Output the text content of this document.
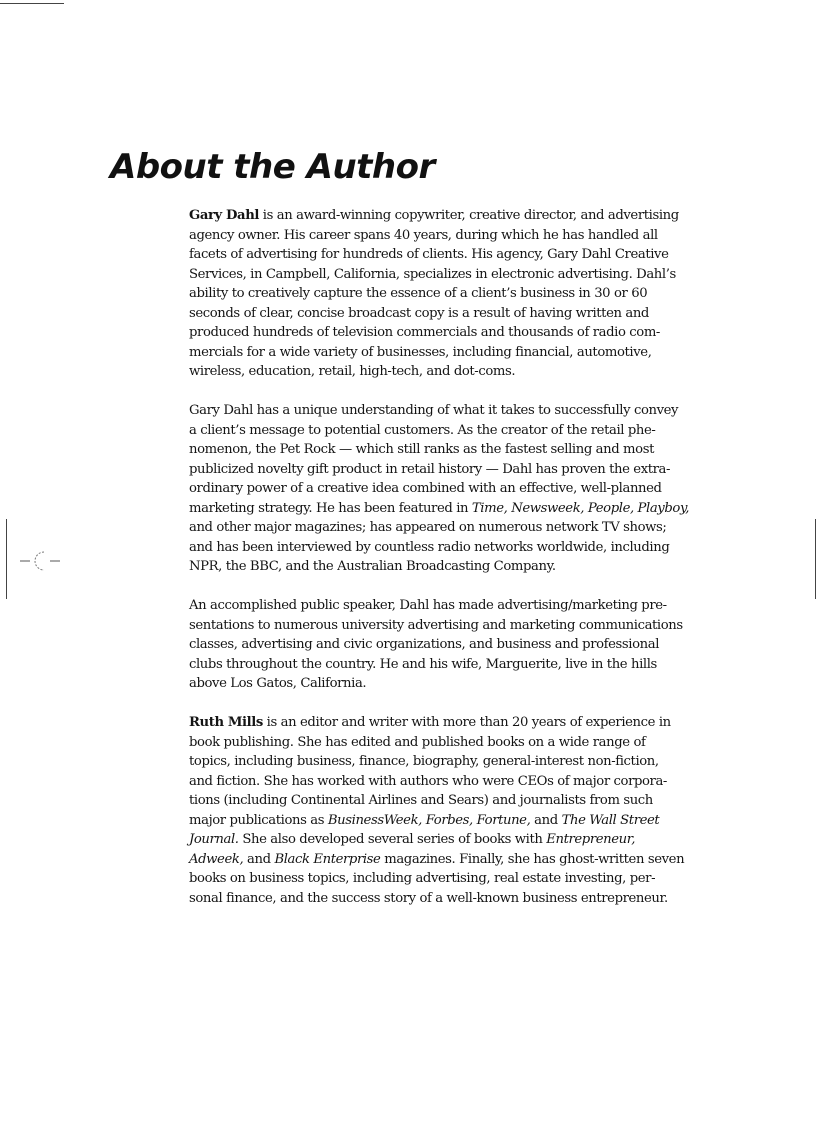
About the Author

Gary Dahl is an award-winning copywriter, creative director, and advertising
agency owner. His career spans 40 years, during which he has handled all
facets of advertising for hundreds of clients. His agency, Gary Dahl Creative
Services, in Campbell, California, specializes in electronic advertising. Dahl’s
ability to creatively capture the essence of a client’s business in 30 or 60
seconds of clear, concise broadcast copy is a result of having written and
produced hundreds of television commercials and thousands of radio com-
mercials for a wide variety of businesses, including financial, automotive,
wireless, education, retail, high-tech, and dot-coms.

Gary Dahl has a unique understanding of what it takes to successfully convey
a client’s message to potential customers. As the creator of the retail phe-
nomenon, the Pet Rock — which still ranks as the fastest selling and most
publicized novelty gift product in retail history — Dahl has proven the extra-
ordinary power of a creative idea combined with an effective, well-planned
marketing strategy. He has been featured in Time, Newsweek, People, Playboy,
and other major magazines; has appeared on numerous network TV shows;
and has been interviewed by countless radio networks worldwide, including
NPR, the BBC, and the Australian Broadcasting Company.

An accomplished public speaker, Dahl has made advertising/marketing pre-
sentations to numerous university advertising and marketing communications
classes, advertising and civic organizations, and business and professional
clubs throughout the country. He and his wife, Marguerite, live in the hills
above Los Gatos, California.

Ruth Mills is an editor and writer with more than 20 years of experience in
book publishing. She has edited and published books on a wide range of
topics, including business, finance, biography, general-interest non-fiction,
and fiction. She has worked with authors who were CEOs of major corpora-
tions (including Continental Airlines and Sears) and journalists from such
major publications as BusinessWeek, Forbes, Fortune, and The Wall Street
Journal. She also developed several series of books with Entrepreneur,
Adweek, and Black Enterprise magazines. Finally, she has ghost-written seven
books on business topics, including advertising, real estate investing, per-
sonal finance, and the success story of a well-known business entrepreneur.
